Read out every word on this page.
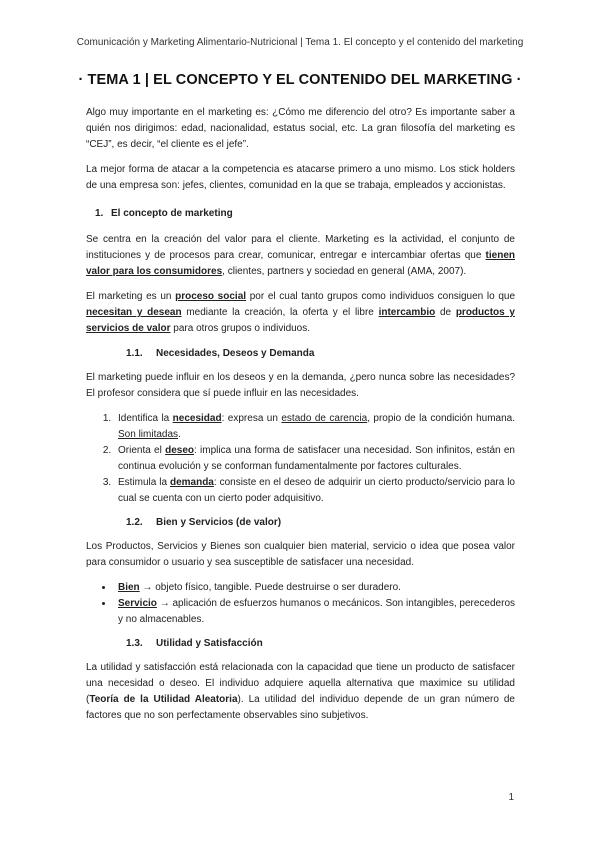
Comunicación y Marketing Alimentario-Nutricional | Tema 1. El concepto y el contenido del marketing
· TEMA 1 | EL CONCEPTO Y EL CONTENIDO DEL MARKETING ·

Algo muy importante en el marketing es: ¿Cómo me diferencio del otro? Es importante saber a quién nos dirigimos: edad, nacionalidad, estatus social, etc. La gran filosofía del marketing es “CEJ”, es decir, “el cliente es el jefe”.

La mejor forma de atacar a la competencia es atacarse primero a uno mismo. Los stick holders de una empresa son: jefes, clientes, comunidad en la que se trabaja, empleados y accionistas.

1. El concepto de marketing

Se centra en la creación del valor para el cliente. Marketing es la actividad, el conjunto de instituciones y de procesos para crear, comunicar, entregar e intercambiar ofertas que tienen valor para los consumidores, clientes, partners y sociedad en general (AMA, 2007).

El marketing es un proceso social por el cual tanto grupos como individuos consiguen lo que necesitan y desean mediante la creación, la oferta y el libre intercambio de productos y servicios de valor para otros grupos o individuos.

1.1.	Necesidades, Deseos y Demanda

El marketing puede influir en los deseos y en la demanda, ¿pero nunca sobre las necesidades? El profesor considera que sí puede influir en las necesidades.

1. Identifica la necesidad: expresa un estado de carencia, propio de la condición humana. Son limitadas.
2. Orienta el deseo: implica una forma de satisfacer una necesidad. Son infinitos, están en continua evolución y se conforman fundamentalmente por factores culturales.
3. Estimula la demanda: consiste en el deseo de adquirir un cierto producto/servicio para lo cual se cuenta con un cierto poder adquisitivo.
1.2.	Bien y Servicios (de valor)

Los Productos, Servicios y Bienes son cualquier bien material, servicio o idea que posea valor para consumidor o usuario y sea susceptible de satisfacer una necesidad.

• Bien → objeto físico, tangible. Puede destruirse o ser duradero.
• Servicio → aplicación de esfuerzos humanos o mecánicos. Son intangibles, perecederos y no almacenables.
1.3.	Utilidad y Satisfacción

La utilidad y satisfacción está relacionada con la capacidad que tiene un producto de satisfacer una necesidad o deseo. El individuo adquiere aquella alternativa que maximice su utilidad (Teoría de la Utilidad Aleatoria). La utilidad del individuo depende de un gran número de factores que no son perfectamente observables sino subjetivos.

1
